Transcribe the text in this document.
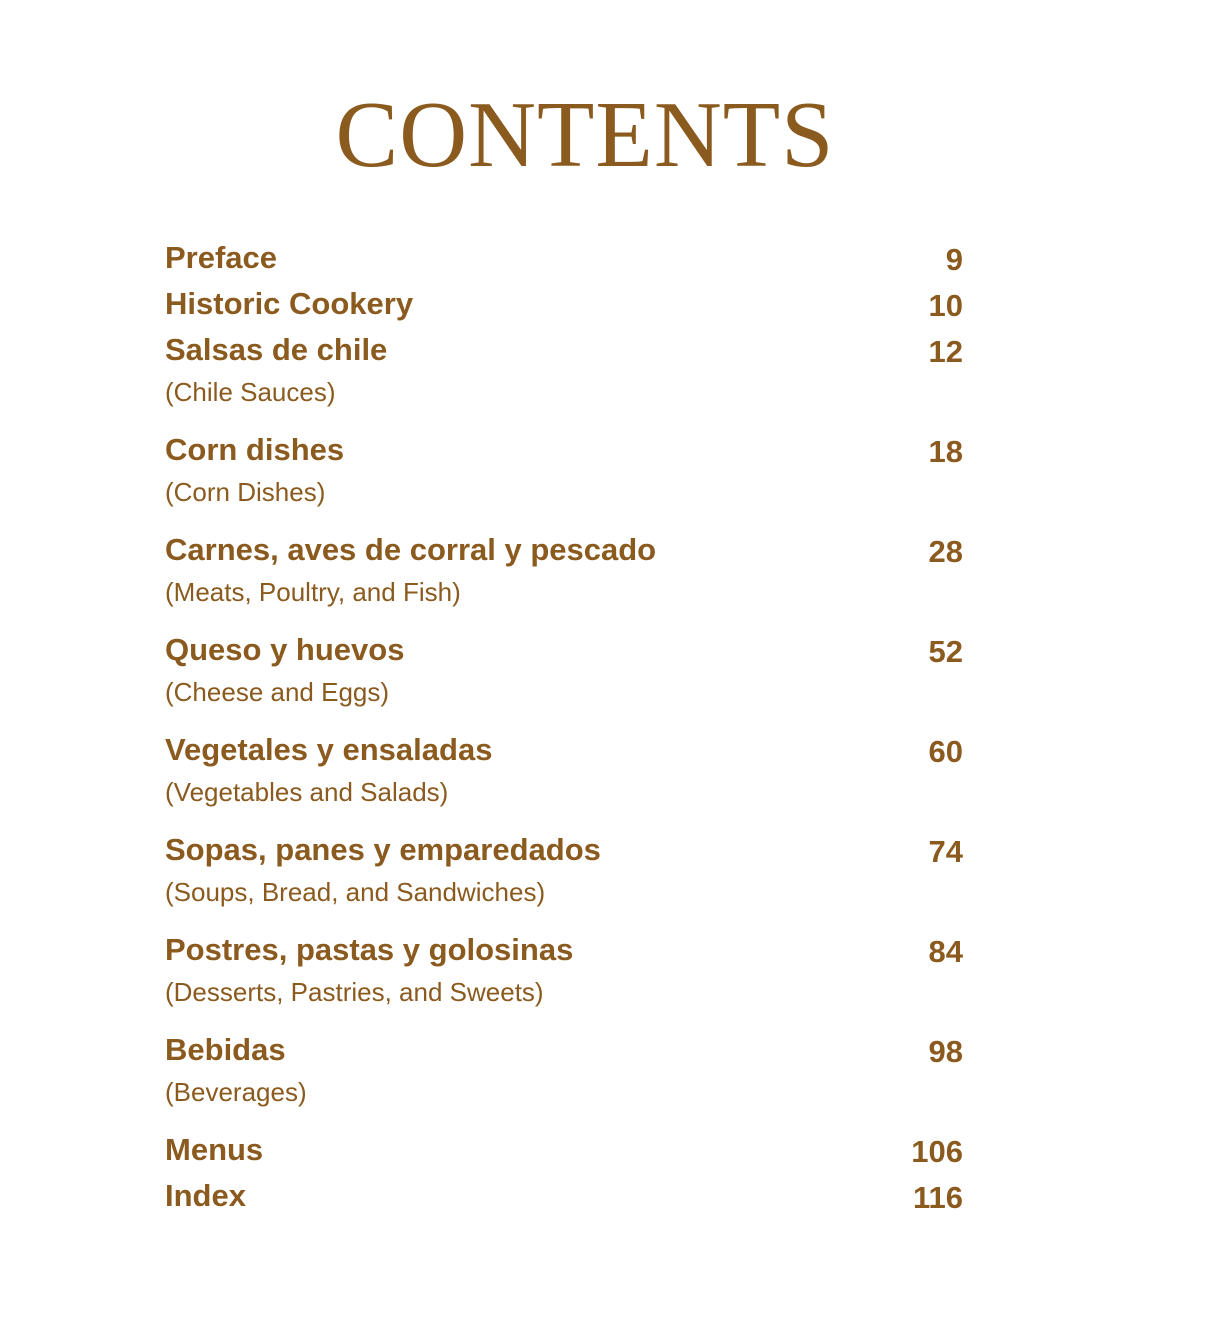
CONTENTS
Preface	9
Historic Cookery	10
Salsas de chile	12
(Chile Sauces)
Corn dishes	18
(Corn Dishes)
Carnes, aves de corral y pescado	28
(Meats, Poultry, and Fish)
Queso y huevos	52
(Cheese and Eggs)
Vegetales y ensaladas	60
(Vegetables and Salads)
Sopas, panes y emparedados	74
(Soups, Bread, and Sandwiches)
Postres, pastas y golosinas	84
(Desserts, Pastries, and Sweets)
Bebidas	98
(Beverages)
Menus	106
Index	116
